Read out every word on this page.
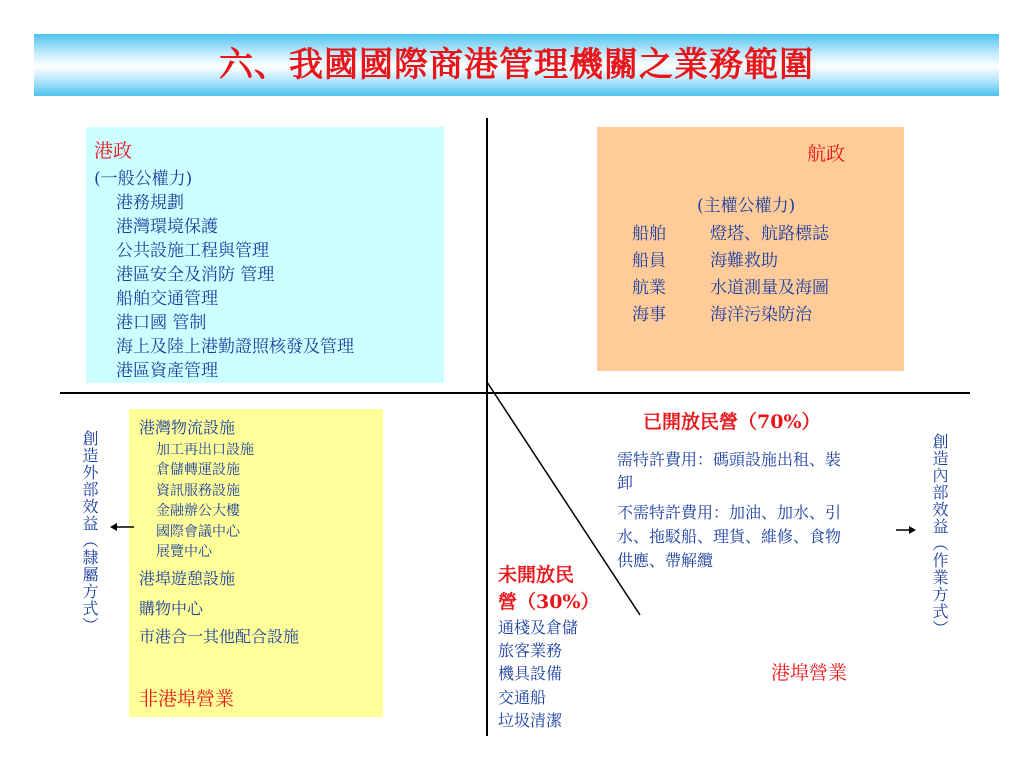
六、我國國際商港管理機關之業務範圍
港政
(一般公權力)
港務規劃
港灣環境保護
公共設施工程與管理
港區安全及消防 管理
船舶交通管理
港口國 管制
海上及陸上港勤證照核發及管理
港區資產管理
航政
(主權公權力)
船舶	燈塔、航路標誌
船員	海難救助
航業	水道測量及海圖
海事	海洋污染防治
港灣物流設施
加工再出口設施
倉儲轉運設施
資訊服務設施
金融辦公大樓
國際會議中心
展覽中心
港埠遊憩設施
購物中心
市港合一其他配合設施
非港埠營業
已開放民營（70%）
需特許費用：碼頭設施出租、裝
卸
不需特許費用：加油、加水、引
水、拖駁船、理貨、維修、食物
供應、帶解纜
未開放民
營（30%）
通棧及倉儲
旅客業務
機具設備
交通船
垃圾清潔
港埠營業
創造外部效益（隸屬方式）	創造內部效益（作業方式）
